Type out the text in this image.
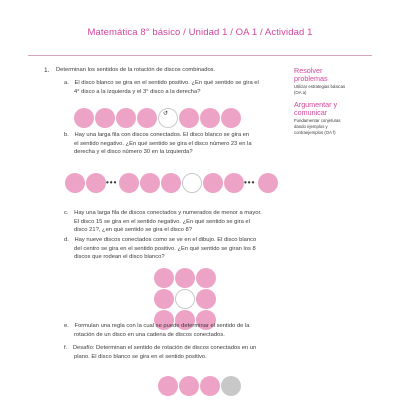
Matemática 8° básico / Unidad 1 / OA 1 / Actividad 1
1. Determinan los sentidos de la rotación de discos combinados.
a. El disco blanco se gira en el sentido positivo. ¿En qué sentido se gira el
4° disco a la izquierda y el 3° disco a la derecha?
↺
b. Hay una larga fila con discos conectados. El disco blanco se gira en
el sentido negativo. ¿En qué sentido se gira el disco número 23 en la
derecha y el disco número 30 en la izquierda?
•••	•••
c. Hay una larga fila de discos conectados y numerados de menor a mayor.
El disco 15 se gira en el sentido negativo. ¿En qué sentido se gira el
disco 21?, ¿en qué sentido se gira el disco 8?
d. Hay nueve discos conectados como se ve en el dibujo. El disco blanco
del centro se gira en el sentido positivo. ¿En qué sentido se giran los 8
discos que rodean el disco blanco?
e. Formulan una regla con la cual se puede determinar el sentido de la
rotación de un disco en una cadena de discos conectados.
f. Desafío: Determinan el sentido de rotación de discos conectados en un
plano. El disco blanco se gira en el sentido positivo.
Resolver
problemas
Utilizar estrategias básicas
(OA a)
Argumentar y
comunicar
Fundamentar conjeturas
dando ejemplos y
contraejemplos (OA f)
